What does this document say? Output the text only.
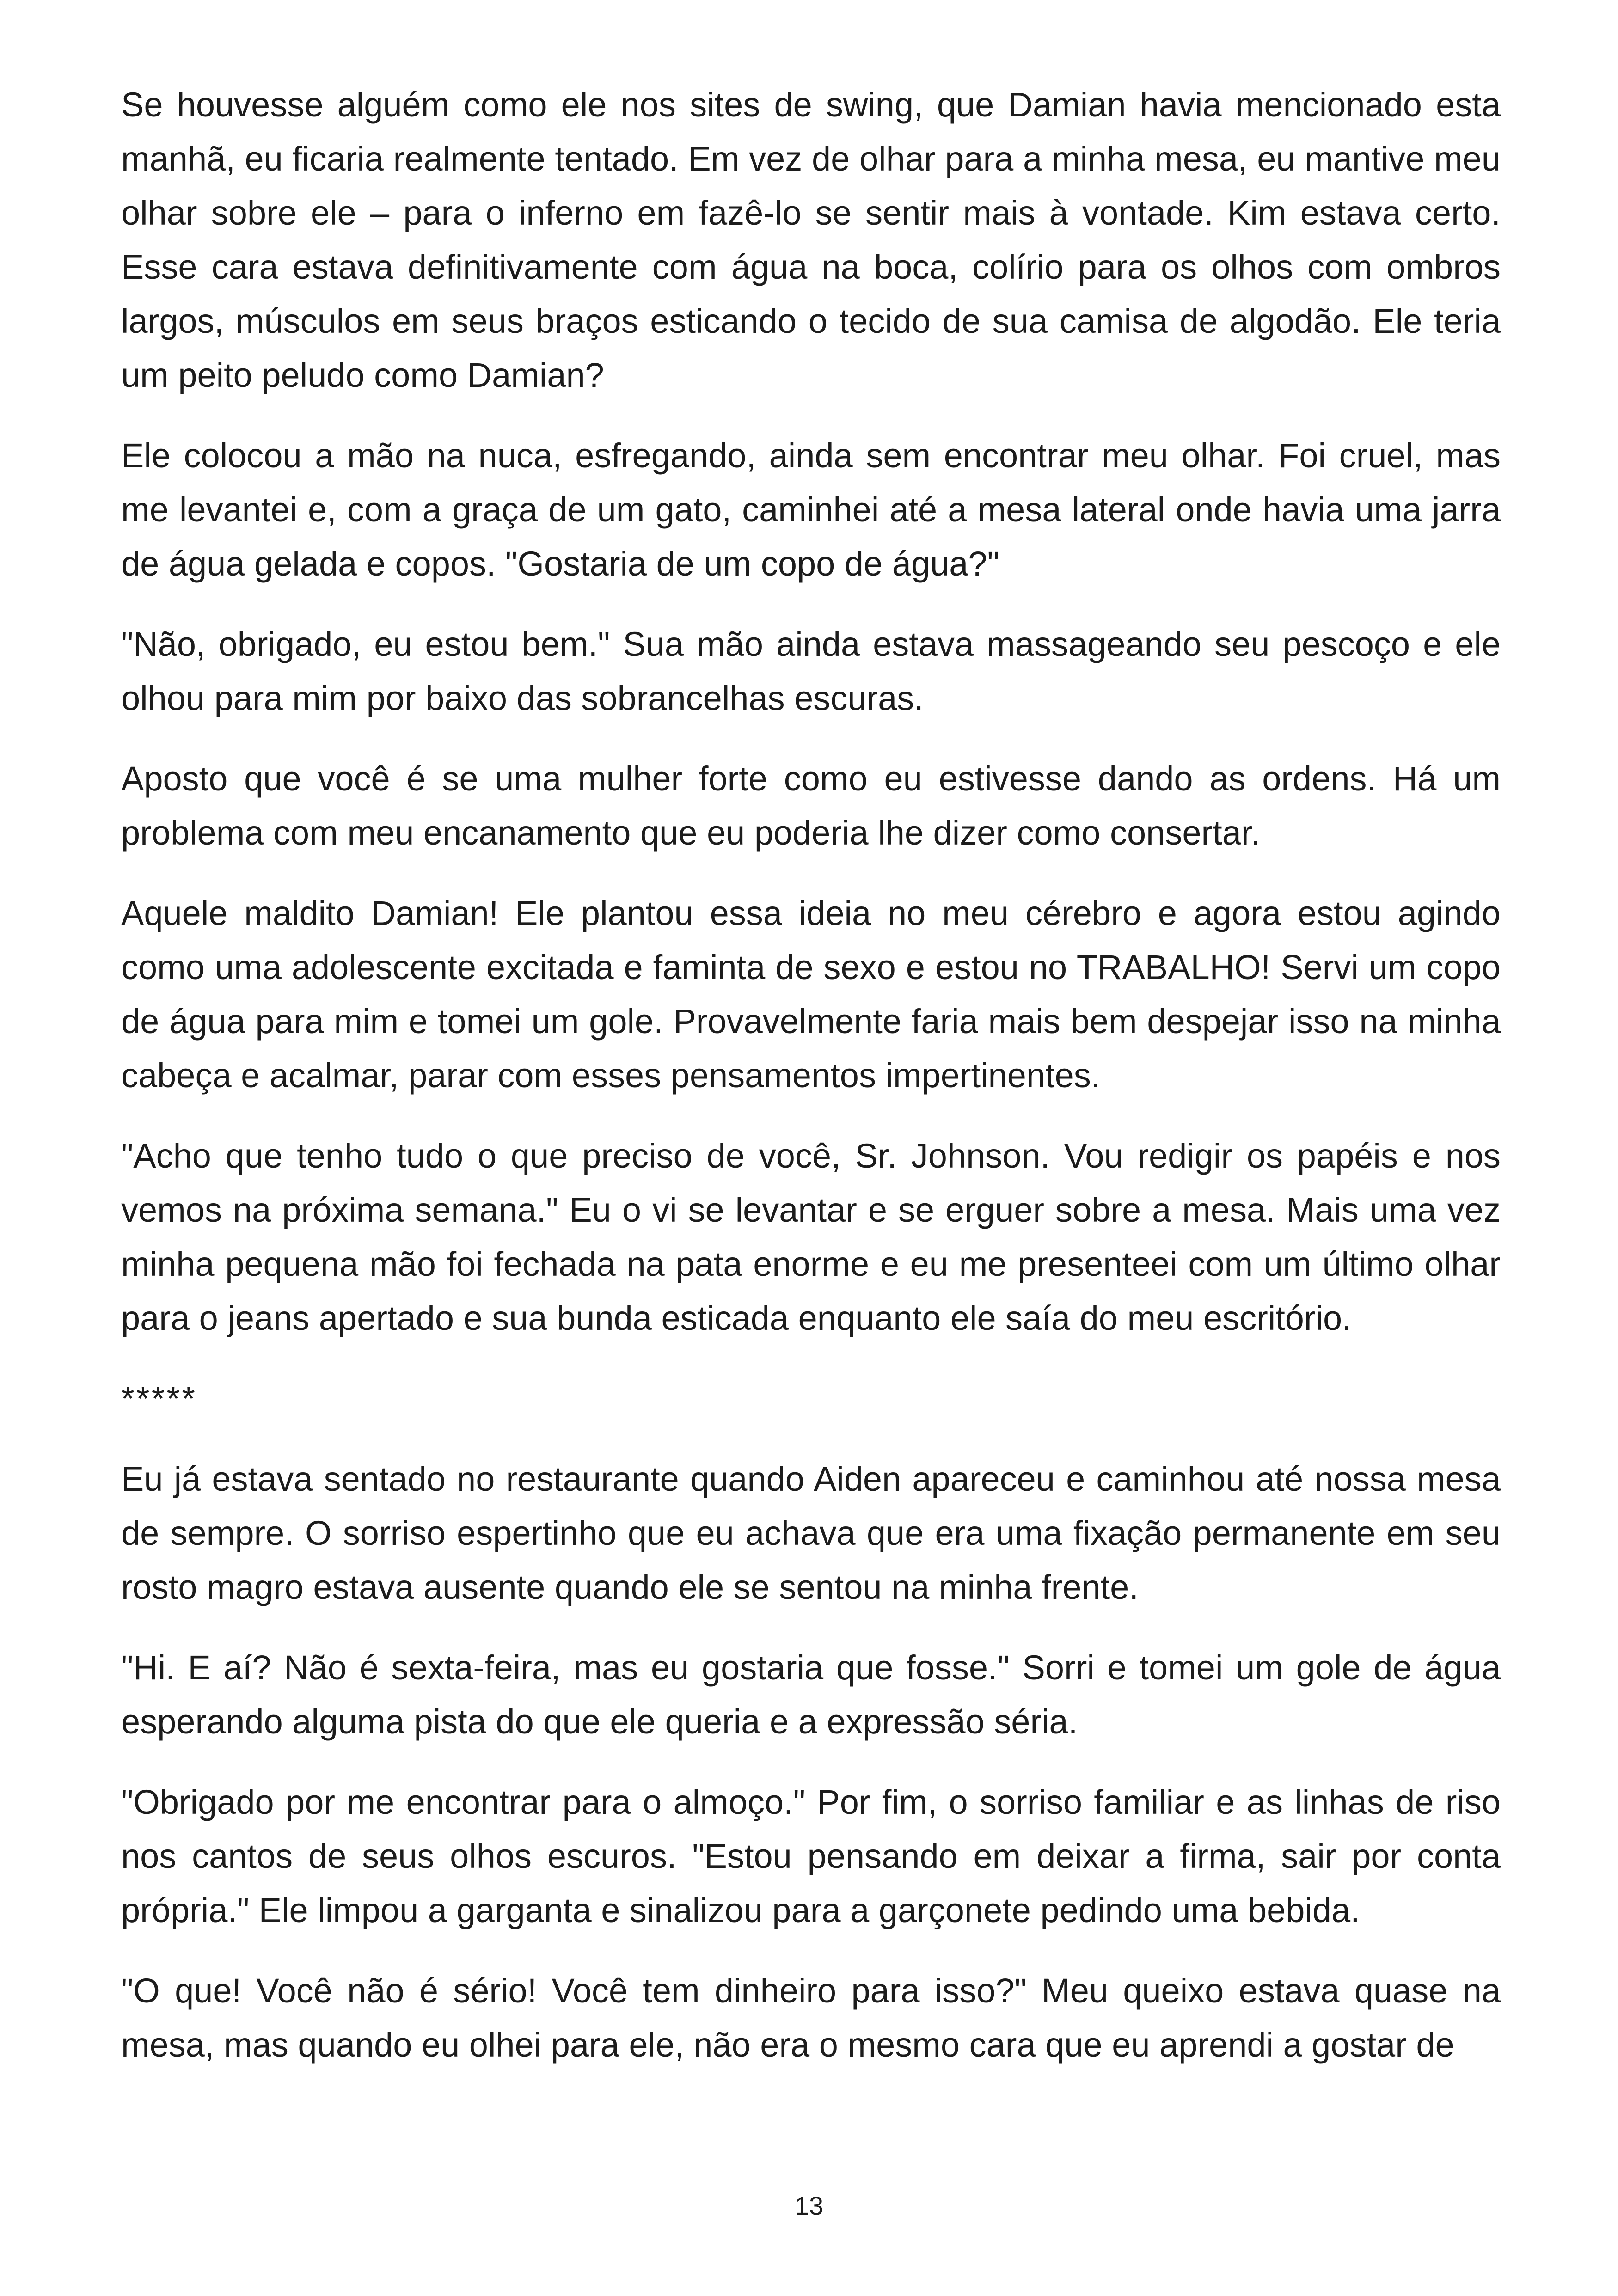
Se houvesse alguém como ele nos sites de swing, que Damian havia mencionado esta manhã, eu ficaria realmente tentado. Em vez de olhar para a minha mesa, eu mantive meu olhar sobre ele – para o inferno em fazê-lo se sentir mais à vontade. Kim estava certo. Esse cara estava definitivamente com água na boca, colírio para os olhos com ombros largos, músculos em seus braços esticando o tecido de sua camisa de algodão. Ele teria um peito peludo como Damian?

Ele colocou a mão na nuca, esfregando, ainda sem encontrar meu olhar. Foi cruel, mas me levantei e, com a graça de um gato, caminhei até a mesa lateral onde havia uma jarra de água gelada e copos. "Gostaria de um copo de água?"

"Não, obrigado, eu estou bem." Sua mão ainda estava massageando seu pescoço e ele olhou para mim por baixo das sobrancelhas escuras.

Aposto que você é se uma mulher forte como eu estivesse dando as ordens. Há um problema com meu encanamento que eu poderia lhe dizer como consertar.

Aquele maldito Damian! Ele plantou essa ideia no meu cérebro e agora estou agindo como uma adolescente excitada e faminta de sexo e estou no TRABALHO! Servi um copo de água para mim e tomei um gole. Provavelmente faria mais bem despejar isso na minha cabeça e acalmar, parar com esses pensamentos impertinentes.

"Acho que tenho tudo o que preciso de você, Sr. Johnson. Vou redigir os papéis e nos vemos na próxima semana." Eu o vi se levantar e se erguer sobre a mesa. Mais uma vez minha pequena mão foi fechada na pata enorme e eu me presenteei com um último olhar para o jeans apertado e sua bunda esticada enquanto ele saía do meu escritório.

*****

Eu já estava sentado no restaurante quando Aiden apareceu e caminhou até nossa mesa de sempre. O sorriso espertinho que eu achava que era uma fixação permanente em seu rosto magro estava ausente quando ele se sentou na minha frente.

"Hi. E aí? Não é sexta-feira, mas eu gostaria que fosse." Sorri e tomei um gole de água esperando alguma pista do que ele queria e a expressão séria.

"Obrigado por me encontrar para o almoço." Por fim, o sorriso familiar e as linhas de riso nos cantos de seus olhos escuros. "Estou pensando em deixar a firma, sair por conta própria." Ele limpou a garganta e sinalizou para a garçonete pedindo uma bebida.

"O que! Você não é sério! Você tem dinheiro para isso?" Meu queixo estava quase na mesa, mas quando eu olhei para ele, não era o mesmo cara que eu aprendi a gostar de

13
